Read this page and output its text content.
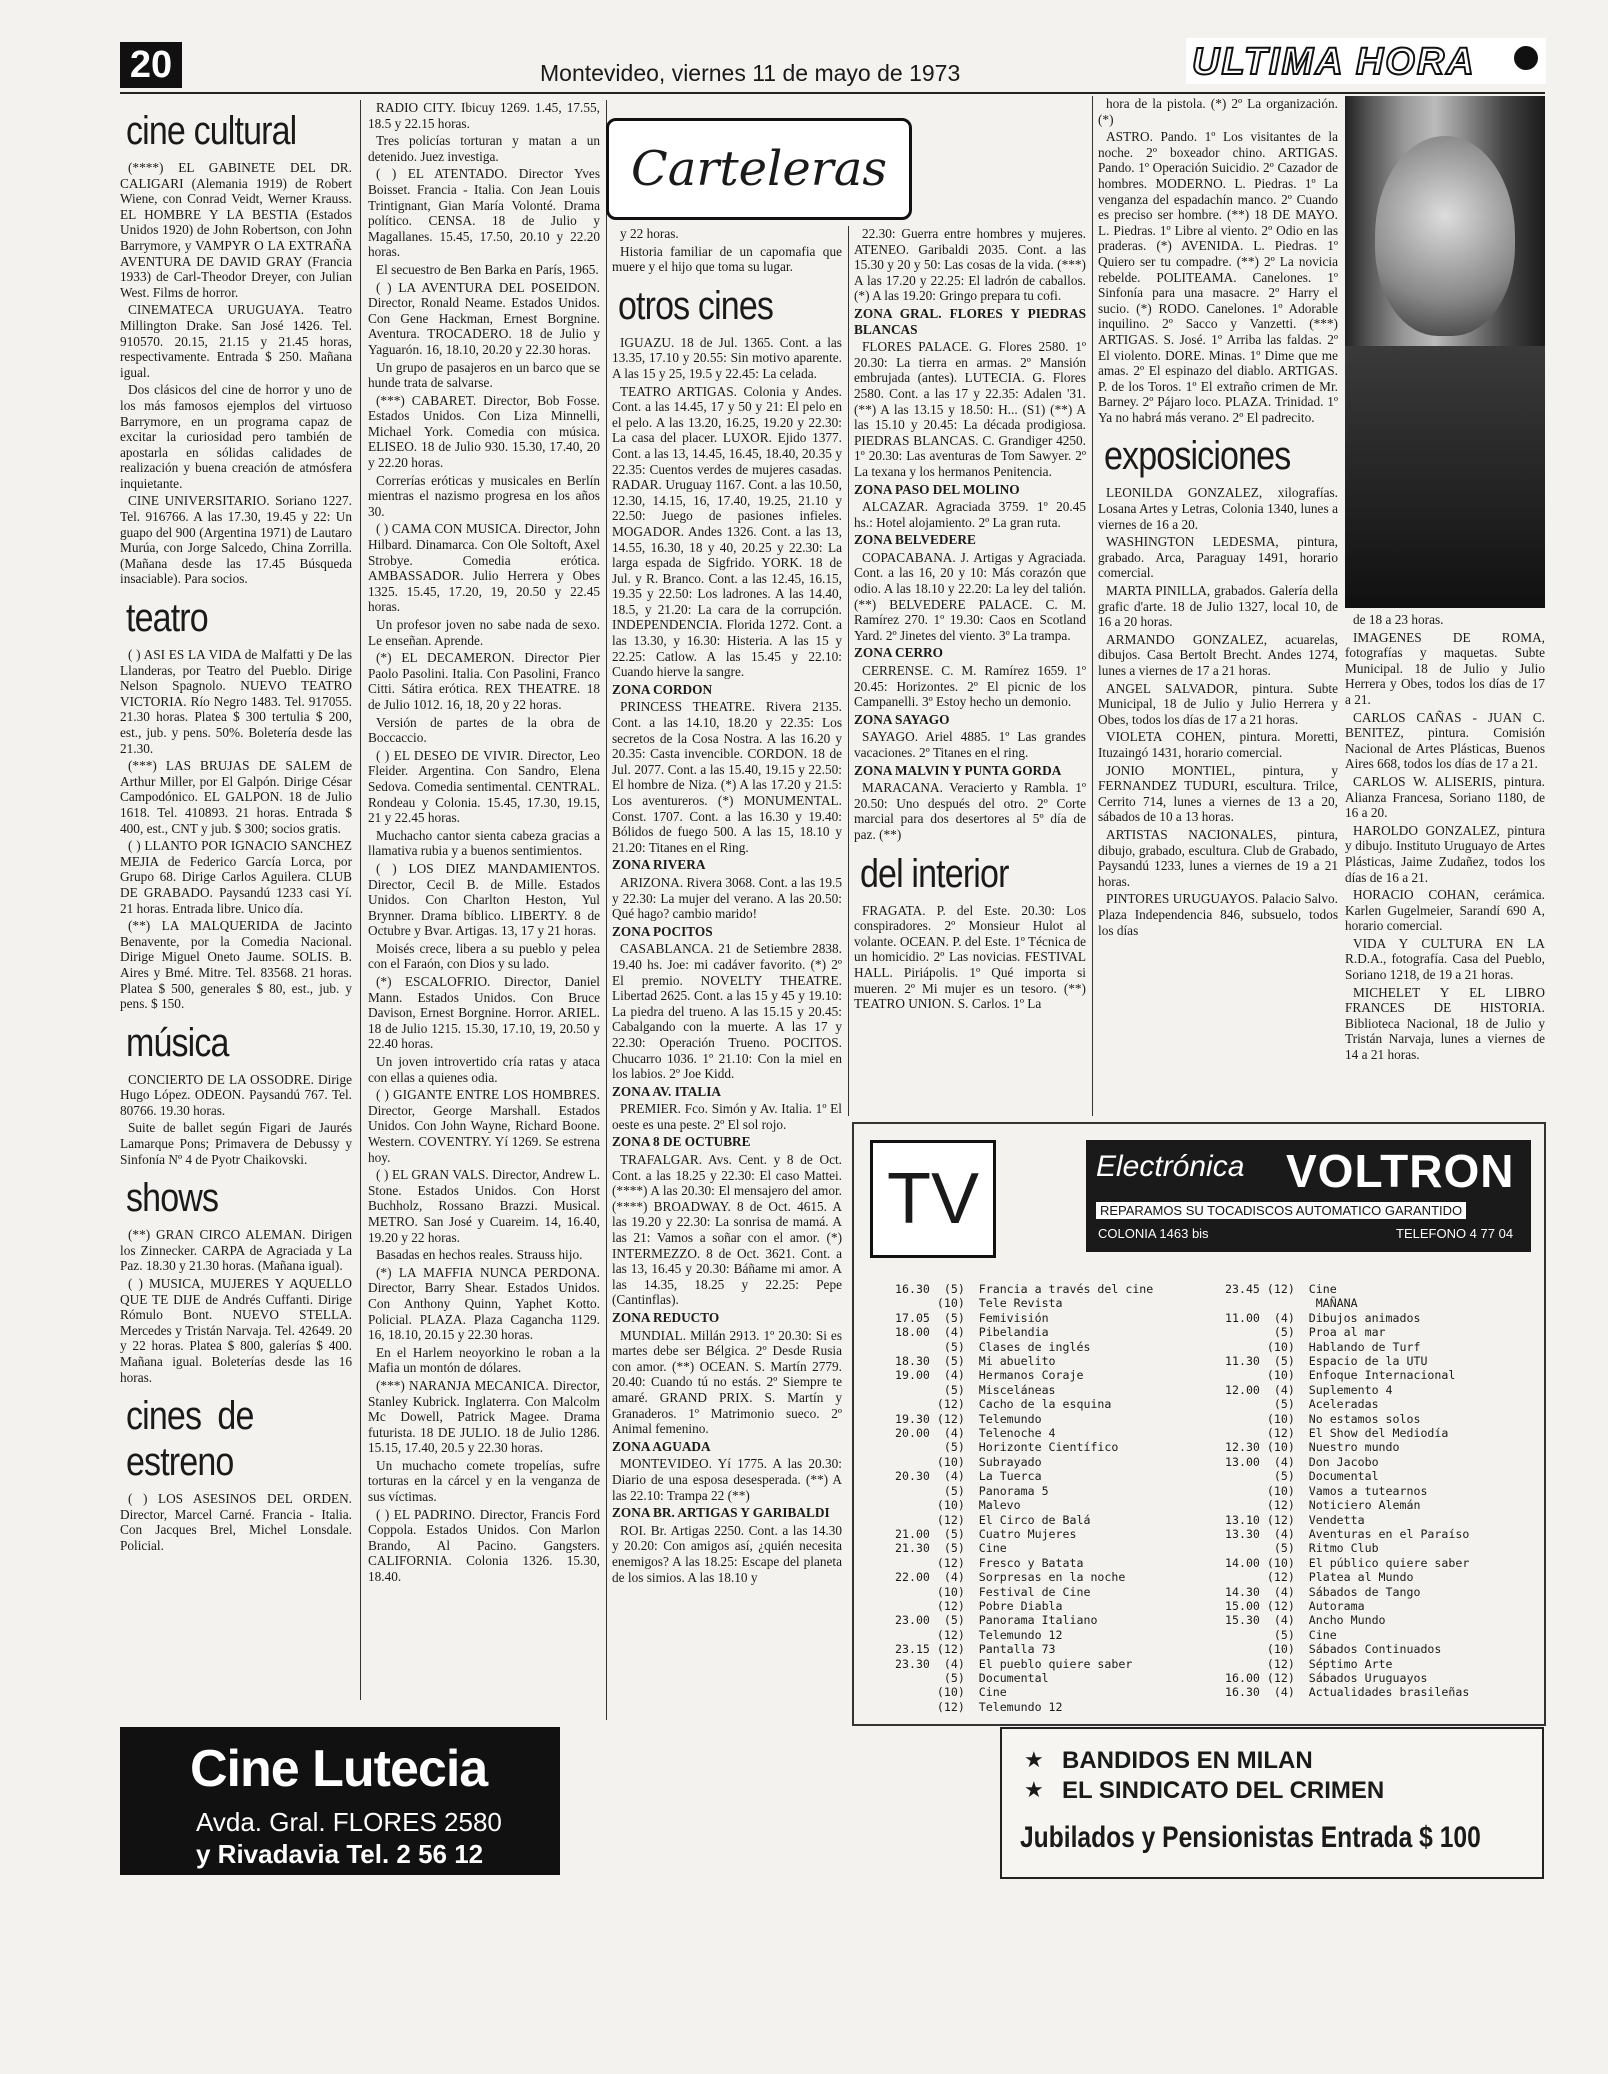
20	Montevideo, viernes 11 de mayo de 1973	ULTIMA HORA
cine cultural

(****) EL GABINETE DEL DR. CALIGARI (Alemania 1919) de Robert Wiene, con Conrad Veidt, Werner Krauss. EL HOMBRE Y LA BESTIA (Estados Unidos 1920) de John Robertson, con John Barrymore, y VAMPYR O LA EXTRAÑA AVENTURA DE DAVID GRAY (Francia 1933) de Carl-Theodor Dreyer, con Julian West. Films de horror.

CINEMATECA URUGUAYA. Teatro Millington Drake. San José 1426. Tel. 910570. 20.15, 21.15 y 21.45 horas, respectivamente. Entrada $ 250. Mañana igual.

Dos clásicos del cine de horror y uno de los más famosos ejemplos del virtuoso Barrymore, en un programa capaz de excitar la curiosidad pero también de apostarla en sólidas calidades de realización y buena creación de atmósfera inquietante.

CINE UNIVERSITARIO. Soriano 1227. Tel. 916766. A las 17.30, 19.45 y 22: Un guapo del 900 (Argentina 1971) de Lautaro Murúa, con Jorge Salcedo, China Zorrilla. (Mañana desde las 17.45 Búsqueda insaciable). Para socios.

teatro

( ) ASI ES LA VIDA de Malfatti y De las Llanderas, por Teatro del Pueblo. Dirige Nelson Spagnolo. NUEVO TEATRO VICTORIA. Río Negro 1483. Tel. 917055. 21.30 horas. Platea $ 300 tertulia $ 200, est., jub. y pens. 50%. Boletería desde las 21.30.

(***) LAS BRUJAS DE SALEM de Arthur Miller, por El Galpón. Dirige César Campodónico. EL GALPON. 18 de Julio 1618. Tel. 410893. 21 horas. Entrada $ 400, est., CNT y jub. $ 300; socios gratis.

( ) LLANTO POR IGNACIO SANCHEZ MEJIA de Federico García Lorca, por Grupo 68. Dirige Carlos Aguilera. CLUB DE GRABADO. Paysandú 1233 casi Yí. 21 horas. Entrada libre. Unico día.

(**) LA MALQUERIDA de Jacinto Benavente, por la Comedia Nacional. Dirige Miguel Oneto Jaume. SOLIS. B. Aires y Bmé. Mitre. Tel. 83568. 21 horas. Platea $ 500, generales $ 80, est., jub. y pens. $ 150.

música

CONCIERTO DE LA OSSODRE. Dirige Hugo López. ODEON. Paysandú 767. Tel. 80766. 19.30 horas.

Suite de ballet según Figari de Jaurés Lamarque Pons; Primavera de Debussy y Sinfonía Nº 4 de Pyotr Chaikovski.

shows

(**) GRAN CIRCO ALEMAN. Dirigen los Zinnecker. CARPA de Agraciada y La Paz. 18.30 y 21.30 horas. (Mañana igual).

( ) MUSICA, MUJERES Y AQUELLO QUE TE DIJE de Andrés Cuffanti. Dirige Rómulo Bont. NUEVO STELLA. Mercedes y Tristán Narvaja. Tel. 42649. 20 y 22 horas. Platea $ 800, galerías $ 400. Mañana igual. Boleterías desde las 16 horas.

cines de estreno

( ) LOS ASESINOS DEL ORDEN. Director, Marcel Carné. Francia - Italia. Con Jacques Brel, Michel Lonsdale. Policial.

RADIO CITY. Ibicuy 1269. 1.45, 17.55, 18.5 y 22.15 horas.

Tres policías torturan y matan a un detenido. Juez investiga.

( ) EL ATENTADO. Director Yves Boisset. Francia - Italia. Con Jean Louis Trintignant, Gian María Volonté. Drama político. CENSA. 18 de Julio y Magallanes. 15.45, 17.50, 20.10 y 22.20 horas.

El secuestro de Ben Barka en París, 1965.

( ) LA AVENTURA DEL POSEIDON. Director, Ronald Neame. Estados Unidos. Con Gene Hackman, Ernest Borgnine. Aventura. TROCADERO. 18 de Julio y Yaguarón. 16, 18.10, 20.20 y 22.30 horas.

Un grupo de pasajeros en un barco que se hunde trata de salvarse.

(***) CABARET. Director, Bob Fosse. Estados Unidos. Con Liza Minnelli, Michael York. Comedia con música. ELISEO. 18 de Julio 930. 15.30, 17.40, 20 y 22.20 horas.

Correrías eróticas y musicales en Berlín mientras el nazismo progresa en los años 30.

( ) CAMA CON MUSICA. Director, John Hilbard. Dinamarca. Con Ole Soltoft, Axel Strobye. Comedia erótica. AMBASSADOR. Julio Herrera y Obes 1325. 15.45, 17.20, 19, 20.50 y 22.45 horas.

Un profesor joven no sabe nada de sexo. Le enseñan. Aprende.

(*) EL DECAMERON. Director Pier Paolo Pasolini. Italia. Con Pasolini, Franco Citti. Sátira erótica. REX THEATRE. 18 de Julio 1012. 16, 18, 20 y 22 horas.

Versión de partes de la obra de Boccaccio.

( ) EL DESEO DE VIVIR. Director, Leo Fleider. Argentina. Con Sandro, Elena Sedova. Comedia sentimental. CENTRAL. Rondeau y Colonia. 15.45, 17.30, 19.15, 21 y 22.45 horas.

Muchacho cantor sienta cabeza gracias a llamativa rubia y a buenos sentimientos.

( ) LOS DIEZ MANDAMIENTOS. Director, Cecil B. de Mille. Estados Unidos. Con Charlton Heston, Yul Brynner. Drama bíblico. LIBERTY. 8 de Octubre y Bvar. Artigas. 13, 17 y 21 horas.

Moisés crece, libera a su pueblo y pelea con el Faraón, con Dios y su lado.

(*) ESCALOFRIO. Director, Daniel Mann. Estados Unidos. Con Bruce Davison, Ernest Borgnine. Horror. ARIEL. 18 de Julio 1215. 15.30, 17.10, 19, 20.50 y 22.40 horas.

Un joven introvertido cría ratas y ataca con ellas a quienes odia.

( ) GIGANTE ENTRE LOS HOMBRES. Director, George Marshall. Estados Unidos. Con John Wayne, Richard Boone. Western. COVENTRY. Yí 1269. Se estrena hoy.

( ) EL GRAN VALS. Director, Andrew L. Stone. Estados Unidos. Con Horst Buchholz, Rossano Brazzi. Musical. METRO. San José y Cuareim. 14, 16.40, 19.20 y 22 horas.

Basadas en hechos reales. Strauss hijo.

(*) LA MAFFIA NUNCA PERDONA. Director, Barry Shear. Estados Unidos. Con Anthony Quinn, Yaphet Kotto. Policial. PLAZA. Plaza Cagancha 1129. 16, 18.10, 20.15 y 22.30 horas.

En el Harlem neoyorkino le roban a la Mafia un montón de dólares.

(***) NARANJA MECANICA. Director, Stanley Kubrick. Inglaterra. Con Malcolm Mc Dowell, Patrick Magee. Drama futurista. 18 DE JULIO. 18 de Julio 1286. 15.15, 17.40, 20.5 y 22.30 horas.

Un muchacho comete tropelías, sufre torturas en la cárcel y en la venganza de sus víctimas.

( ) EL PADRINO. Director, Francis Ford Coppola. Estados Unidos. Con Marlon Brando, Al Pacino. Gangsters. CALIFORNIA. Colonia 1326. 15.30, 18.40.

Carteleras

y 22 horas.

Historia familiar de un capomafia que muere y el hijo que toma su lugar.

otros cines

IGUAZU. 18 de Jul. 1365. Cont. a las 13.35, 17.10 y 20.55: Sin motivo aparente. A las 15 y 25, 19.5 y 22.45: La celada.

TEATRO ARTIGAS. Colonia y Andes. Cont. a las 14.45, 17 y 50 y 21: El pelo en el pelo. A las 13.20, 16.25, 19.20 y 22.30: La casa del placer. LUXOR. Ejido 1377. Cont. a las 13, 14.45, 16.45, 18.40, 20.35 y 22.35: Cuentos verdes de mujeres casadas. RADAR. Uruguay 1167. Cont. a las 10.50, 12.30, 14.15, 16, 17.40, 19.25, 21.10 y 22.50: Juego de pasiones infieles. MOGADOR. Andes 1326. Cont. a las 13, 14.55, 16.30, 18 y 40, 20.25 y 22.30: La larga espada de Sigfrido. YORK. 18 de Jul. y R. Branco. Cont. a las 12.45, 16.15, 19.35 y 22.50: Los ladrones. A las 14.40, 18.5, y 21.20: La cara de la corrupción. INDEPENDENCIA. Florida 1272. Cont. a las 13.30, y 16.30: Histeria. A las 15 y 22.25: Catlow. A las 15.45 y 22.10: Cuando hierve la sangre.

ZONA CORDON

PRINCESS THEATRE. Rivera 2135. Cont. a las 14.10, 18.20 y 22.35: Los secretos de la Cosa Nostra. A las 16.20 y 20.35: Casta invencible. CORDON. 18 de Jul. 2077. Cont. a las 15.40, 19.15 y 22.50: El hombre de Niza. (*) A las 17.20 y 21.5: Los aventureros. (*) MONUMENTAL. Const. 1707. Cont. a las 16.30 y 19.40: Bólidos de fuego 500. A las 15, 18.10 y 21.20: Titanes en el Ring.

ZONA RIVERA

ARIZONA. Rivera 3068. Cont. a las 19.5 y 22.30: La mujer del verano. A las 20.50: Qué hago? cambio marido!

ZONA POCITOS

CASABLANCA. 21 de Setiembre 2838. 19.40 hs. Joe: mi cadáver favorito. (*) 2º El premio. NOVELTY THEATRE. Libertad 2625. Cont. a las 15 y 45 y 19.10: La piedra del trueno. A las 15.15 y 20.45: Cabalgando con la muerte. A las 17 y 22.30: Operación Trueno. POCITOS. Chucarro 1036. 1º 21.10: Con la miel en los labios. 2º Joe Kidd.

ZONA AV. ITALIA

PREMIER. Fco. Simón y Av. Italia. 1º El oeste es una peste. 2º El sol rojo.

ZONA 8 DE OCTUBRE

TRAFALGAR. Avs. Cent. y 8 de Oct. Cont. a las 18.25 y 22.30: El caso Mattei. (****) A las 20.30: El mensajero del amor. (****) BROADWAY. 8 de Oct. 4615. A las 19.20 y 22.30: La sonrisa de mamá. A las 21: Vamos a soñar con el amor. (*) INTERMEZZO. 8 de Oct. 3621. Cont. a las 13, 16.45 y 20.30: Báñame mi amor. A las 14.35, 18.25 y 22.25: Pepe (Cantinflas).

ZONA REDUCTO

MUNDIAL. Millán 2913. 1º 20.30: Si es martes debe ser Bélgica. 2º Desde Rusia con amor. (**) OCEAN. S. Martín 2779. 20.40: Cuando tú no estás. 2º Siempre te amaré. GRAND PRIX. S. Martín y Granaderos. 1º Matrimonio sueco. 2º Animal femenino.

ZONA AGUADA

MONTEVIDEO. Yí 1775. A las 20.30: Diario de una esposa desesperada. (**) A las 22.10: Trampa 22 (**)

ZONA BR. ARTIGAS Y GARIBALDI

ROI. Br. Artigas 2250. Cont. a las 14.30 y 20.20: Con amigos así, ¿quién necesita enemigos? A las 18.25: Escape del planeta de los simios. A las 18.10 y

22.30: Guerra entre hombres y mujeres. ATENEO. Garibaldi 2035. Cont. a las 15.30 y 20 y 50: Las cosas de la vida. (***) A las 17.20 y 22.25: El ladrón de caballos. (*) A las 19.20: Gringo prepara tu cofi.

ZONA GRAL. FLORES Y PIEDRAS BLANCAS

FLORES PALACE. G. Flores 2580. 1º 20.30: La tierra en armas. 2º Mansión embrujada (antes). LUTECIA. G. Flores 2580. Cont. a las 17 y 22.35: Adalen '31. (**) A las 13.15 y 18.50: H... (S1) (**) A las 15.10 y 20.45: La década prodigiosa. PIEDRAS BLANCAS. C. Grandiger 4250. 1º 20.30: Las aventuras de Tom Sawyer. 2º La texana y los hermanos Penitencia.

ZONA PASO DEL MOLINO

ALCAZAR. Agraciada 3759. 1º 20.45 hs.: Hotel alojamiento. 2º La gran ruta.

ZONA BELVEDERE

COPACABANA. J. Artigas y Agraciada. Cont. a las 16, 20 y 10: Más corazón que odio. A las 18.10 y 22.20: La ley del talión. (**) BELVEDERE PALACE. C. M. Ramírez 270. 1º 19.30: Caos en Scotland Yard. 2º Jinetes del viento. 3º La trampa.

ZONA CERRO

CERRENSE. C. M. Ramírez 1659. 1º 20.45: Horizontes. 2º El picnic de los Campanelli. 3º Estoy hecho un demonio.

ZONA SAYAGO

SAYAGO. Ariel 4885. 1º Las grandes vacaciones. 2º Titanes en el ring.

ZONA MALVIN Y PUNTA GORDA

MARACANA. Veracierto y Rambla. 1º 20.50: Uno después del otro. 2º Corte marcial para dos desertores al 5º día de paz. (**)

del interior

FRAGATA. P. del Este. 20.30: Los conspiradores. 2º Monsieur Hulot al volante. OCEAN. P. del Este. 1º Técnica de un homicidio. 2º Las novicias. FESTIVAL HALL. Piriápolis. 1º Qué importa si mueren. 2º Mi mujer es un tesoro. (**) TEATRO UNION. S. Carlos. 1º La

hora de la pistola. (*) 2º La organización. (*)

ASTRO. Pando. 1º Los visitantes de la noche. 2º boxeador chino. ARTIGAS. Pando. 1º Operación Suicidio. 2º Cazador de hombres. MODERNO. L. Piedras. 1º La venganza del espadachín manco. 2º Cuando es preciso ser hombre. (**) 18 DE MAYO. L. Piedras. 1º Libre al viento. 2º Odio en las praderas. (*) AVENIDA. L. Piedras. 1º Quiero ser tu compadre. (**) 2º La novicia rebelde. POLITEAMA. Canelones. 1º Sinfonía para una masacre. 2º Harry el sucio. (*) RODO. Canelones. 1º Adorable inquilino. 2º Sacco y Vanzetti. (***) ARTIGAS. S. José. 1º Arriba las faldas. 2º El violento. DORE. Minas. 1º Dime que me amas. 2º El espinazo del diablo. ARTIGAS. P. de los Toros. 1º El extraño crimen de Mr. Barney. 2º Pájaro loco. PLAZA. Trinidad. 1º Ya no habrá más verano. 2º El padrecito.

exposiciones

LEONILDA GONZALEZ, xilografías. Losana Artes y Letras, Colonia 1340, lunes a viernes de 16 a 20.

WASHINGTON LEDESMA, pintura, grabado. Arca, Paraguay 1491, horario comercial.

MARTA PINILLA, grabados. Galería della grafic d'arte. 18 de Julio 1327, local 10, de 16 a 20 horas.

ARMANDO GONZALEZ, acuarelas, dibujos. Casa Bertolt Brecht. Andes 1274, lunes a viernes de 17 a 21 horas.

ANGEL SALVADOR, pintura. Subte Municipal, 18 de Julio y Julio Herrera y Obes, todos los días de 17 a 21 horas.

VIOLETA COHEN, pintura. Moretti, Ituzaingó 1431, horario comercial.

JONIO MONTIEL, pintura, y FERNANDEZ TUDURI, escultura. Trilce, Cerrito 714, lunes a viernes de 13 a 20, sábados de 10 a 13 horas.

ARTISTAS NACIONALES, pintura, dibujo, grabado, escultura. Club de Grabado, Paysandú 1233, lunes a viernes de 19 a 21 horas.

PINTORES URUGUAYOS. Palacio Salvo. Plaza Independencia 846, subsuelo, todos los días

de 18 a 23 horas.

IMAGENES DE ROMA, fotografías y maquetas. Subte Municipal. 18 de Julio y Julio Herrera y Obes, todos los días de 17 a 21.

CARLOS CAÑAS - JUAN C. BENITEZ, pintura. Comisión Nacional de Artes Plásticas, Buenos Aires 668, todos los días de 17 a 21.

CARLOS W. ALISERIS, pintura. Alianza Francesa, Soriano 1180, de 16 a 20.

HAROLDO GONZALEZ, pintura y dibujo. Instituto Uruguayo de Artes Plásticas, Jaime Zudañez, todos los días de 16 a 21.

HORACIO COHAN, cerámica. Karlen Gugelmeier, Sarandí 690 A, horario comercial.

VIDA Y CULTURA EN LA R.D.A., fotografía. Casa del Pueblo, Soriano 1218, de 19 a 21 horas.

MICHELET Y EL LIBRO FRANCES DE HISTORIA. Biblioteca Nacional, 18 de Julio y Tristán Narvaja, lunes a viernes de 14 a 21 horas.

TV	Electrónica VOLTRON
REPARAMOS SU TOCADISCOS AUTOMATICO GARANTIDO
COLONIA 1463 bis	TELEFONO 4 77 04
16.30  (5)  Francia a través del cine
(10)  Tele Revista
17.05  (5)  Femivisión
18.00  (4)  Pibelandia
(5)  Clases de inglés
18.30  (5)  Mi abuelito
19.00  (4)  Hermanos Coraje
(5)  Misceláneas
(12)  Cacho de la esquina
19.30 (12)  Telemundo
20.00  (4)  Telenoche 4
(5)  Horizonte Científico
(10)  Subrayado
20.30  (4)  La Tuerca
(5)  Panorama 5
(10)  Malevo
(12)  El Circo de Balá
21.00  (5)  Cuatro Mujeres
21.30  (5)  Cine
(12)  Fresco y Batata
22.00  (4)  Sorpresas en la noche
(10)  Festival de Cine
(12)  Pobre Diabla
23.00  (5)  Panorama Italiano
(12)  Telemundo 12
23.15 (12)  Pantalla 73
23.30  (4)  El pueblo quiere saber
(5)  Documental
(10)  Cine
(12)  Telemundo 12
23.45 (12)  Cine
MAÑANA
11.00  (4)  Dibujos animados
(5)  Proa al mar
(10)  Hablando de Turf
11.30  (5)  Espacio de la UTU
(10)  Enfoque Internacional
12.00  (4)  Suplemento 4
(5)  Aceleradas
(10)  No estamos solos
(12)  El Show del Mediodía
12.30 (10)  Nuestro mundo
13.00  (4)  Don Jacobo
(5)  Documental
(10)  Vamos a tutearnos
(12)  Noticiero Alemán
13.10 (12)  Vendetta
13.30  (4)  Aventuras en el Paraíso
(5)  Ritmo Club
14.00 (10)  El público quiere saber
(12)  Platea al Mundo
14.30  (4)  Sábados de Tango
15.00 (12)  Autorama
15.30  (4)  Ancho Mundo
(5)  Cine
(10)  Sábados Continuados
(12)  Séptimo Arte
16.00 (12)  Sábados Uruguayos
16.30  (4)  Actualidades brasileñas
Cine Lutecia
Avda. Gral. FLORES 2580
y Rivadavia Tel. 2 56 12
★ BANDIDOS EN MILAN
★ EL SINDICATO DEL CRIMEN
Jubilados y Pensionistas Entrada $ 100
